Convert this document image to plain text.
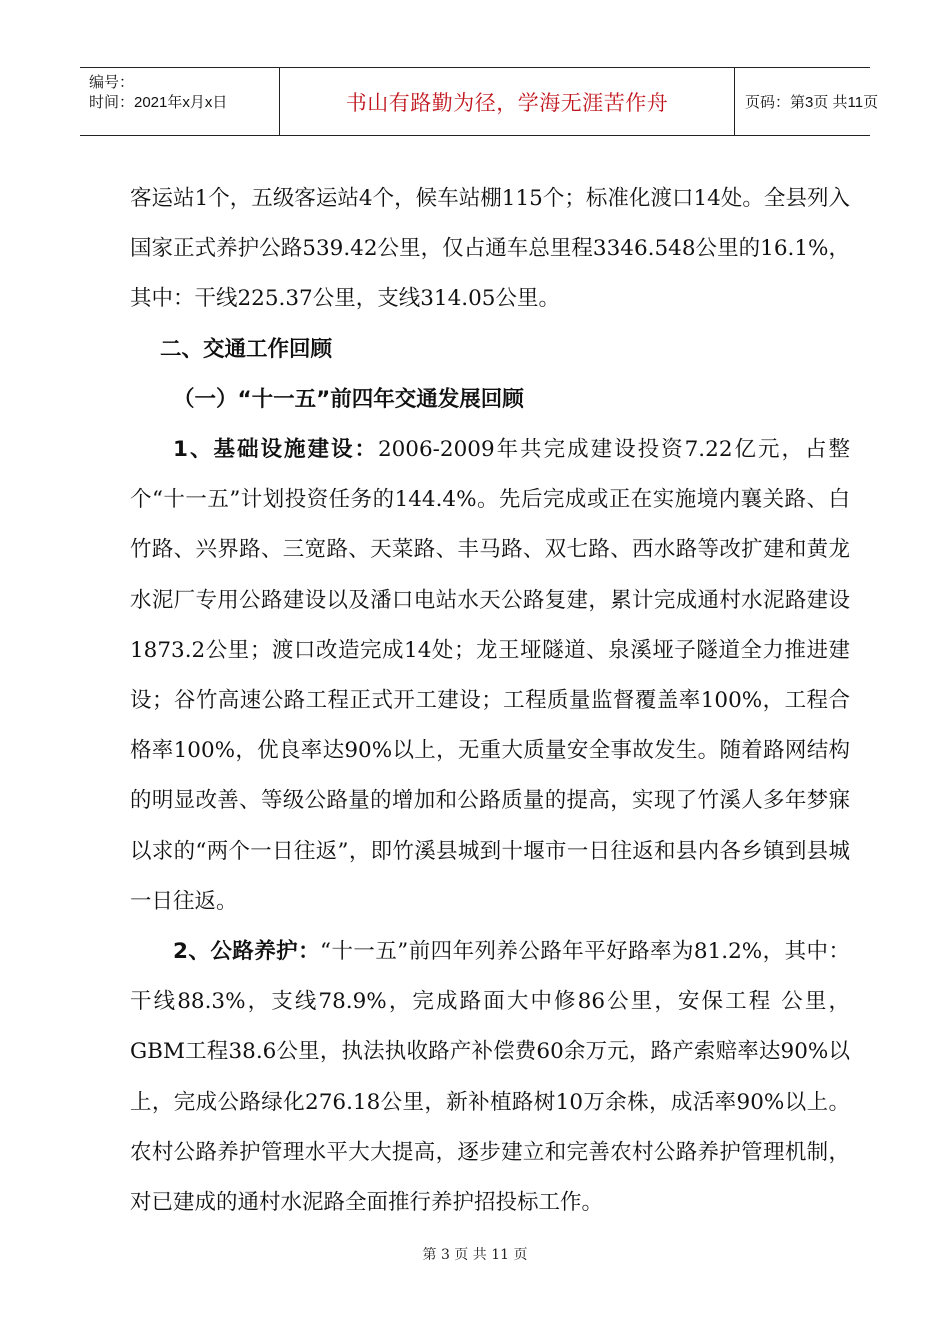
编号：
时间：2021年x月x日	书山有路勤为径，学海无涯苦作舟	页码：第3页 共11页

客运站1个，五级客运站4个，候车站棚115个；标准化渡口14处。全县列入国家正式养护公路539.42公里，仅占通车总里程3346.548公里的16.1%，其中：干线225.37公里，支线314.05公里。

二、交通工作回顾

（一）“十一五”前四年交通发展回顾

1、基础设施建设：2006-2009年共完成建设投资7.22亿元，占整个“十一五”计划投资任务的144.4%。先后完成或正在实施境内襄关路、白竹路、兴界路、三宽路、天菜路、丰马路、双七路、西水路等改扩建和黄龙水泥厂专用公路建设以及潘口电站水天公路复建，累计完成通村水泥路建设1873.2公里；渡口改造完成14处；龙王垭隧道、泉溪垭子隧道全力推进建设；谷竹高速公路工程正式开工建设；工程质量监督覆盖率100%，工程合格率100%，优良率达90%以上，无重大质量安全事故发生。随着路网结构的明显改善、等级公路量的增加和公路质量的提高，实现了竹溪人多年梦寐以求的“两个一日往返”，即竹溪县城到十堰市一日往返和县内各乡镇到县城一日往返。

2、公路养护：“十一五”前四年列养公路年平好路率为81.2%，其中：干线88.3%，支线78.9%，完成路面大中修86公里，安保工程 公里，GBM工程38.6公里，执法执收路产补偿费60余万元，路产索赔率达90%以上，完成公路绿化276.18公里，新补植路树10万余株，成活率90%以上。农村公路养护管理水平大大提高，逐步建立和完善农村公路养护管理机制，对已建成的通村水泥路全面推行养护招投标工作。

第 3 页 共 11 页
